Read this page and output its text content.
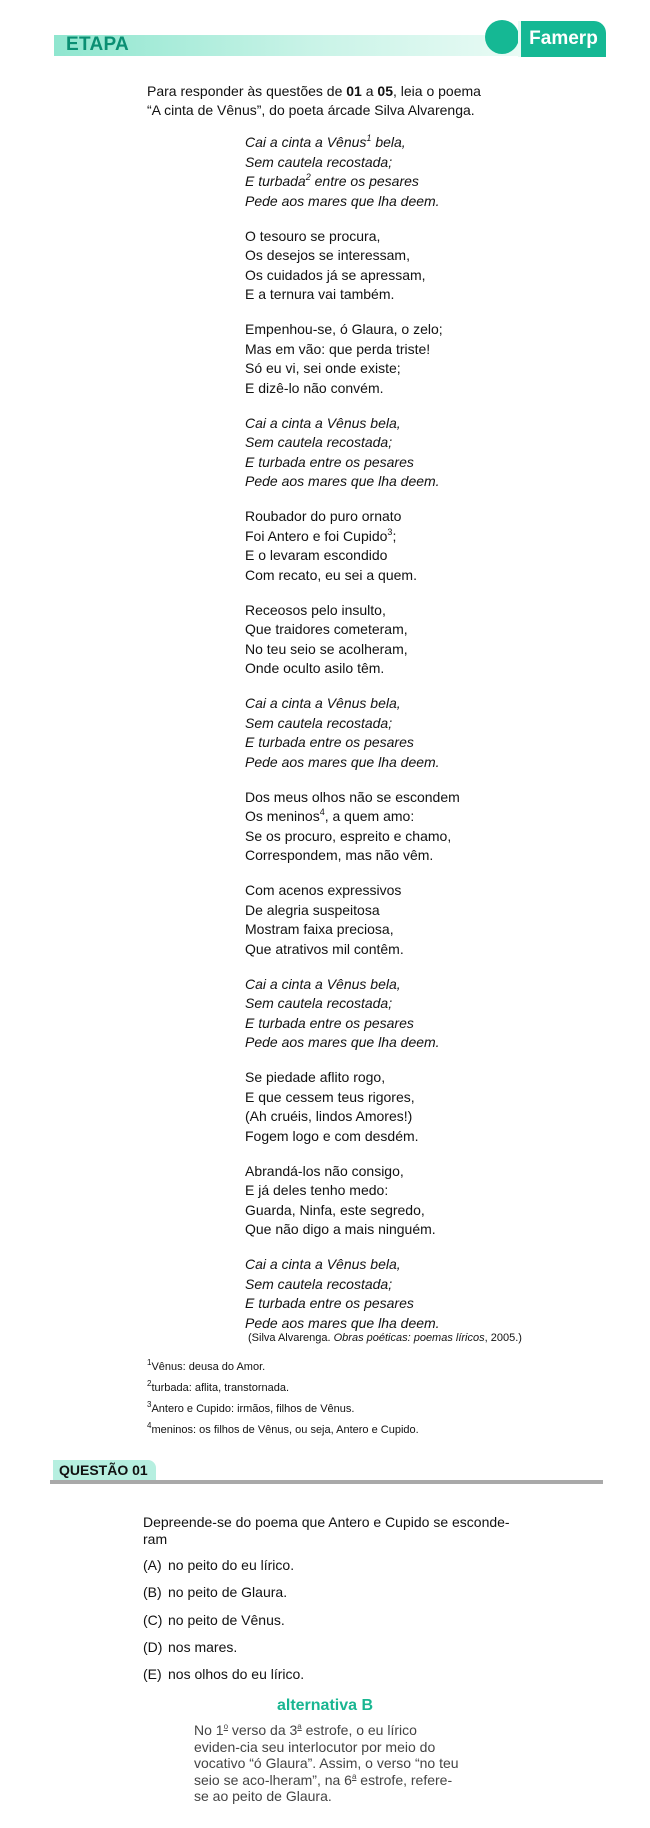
ETAPA	Famerp
Para responder às questões de 01 a 05, leia o poema “A cinta de Vênus”, do poeta árcade Silva Alvarenga.
Cai a cinta a Vênus$^1$ bela,
Sem cautela recostada;
E turbada$^2$ entre os pesares
Pede aos mares que lha deem.
O tesouro se procura,
Os desejos se interessam,
Os cuidados já se apressam,
E a ternura vai também.
Empenhou-se, ó Glaura, o zelo;
Mas em vão: que perda triste!
Só eu vi, sei onde existe;
E dizê-lo não convém.
Cai a cinta a Vênus bela,
Sem cautela recostada;
E turbada entre os pesares
Pede aos mares que lha deem.
Roubador do puro ornato
Foi Antero e foi Cupido$^3$;
E o levaram escondido
Com recato, eu sei a quem.
Receosos pelo insulto,
Que traidores cometeram,
No teu seio se acolheram,
Onde oculto asilo têm.
Cai a cinta a Vênus bela,
Sem cautela recostada;
E turbada entre os pesares
Pede aos mares que lha deem.
Dos meus olhos não se escondem
Os meninos$^4$, a quem amo:
Se os procuro, espreito e chamo,
Correspondem, mas não vêm.
Com acenos expressivos
De alegria suspeitosa
Mostram faixa preciosa,
Que atrativos mil contêm.
Cai a cinta a Vênus bela,
Sem cautela recostada;
E turbada entre os pesares
Pede aos mares que lha deem.
Se piedade aflito rogo,
E que cessem teus rigores,
(Ah cruéis, lindos Amores!)
Fogem logo e com desdém.
Abrandá-los não consigo,
E já deles tenho medo:
Guarda, Ninfa, este segredo,
Que não digo a mais ninguém.
Cai a cinta a Vênus bela,
Sem cautela recostada;
E turbada entre os pesares
Pede aos mares que lha deem.
(Silva Alvarenga. Obras poéticas: poemas líricos, 2005.)
$^1$Vênus: deusa do Amor.
$^2$turbada: aflita, transtornada.
$^3$Antero e Cupido: irmãos, filhos de Vênus.
$^4$meninos: os filhos de Vênus, ou seja, Antero e Cupido.
QUESTÃO 01
Depreende-se do poema que Antero e Cupido se esconde-ram
(A) no peito do eu lírico.
(B) no peito de Glaura.
(C) no peito de Vênus.
(D) nos mares.
(E) nos olhos do eu lírico.
alternativa B
No 1$^o$ verso da 3$^a$ estrofe, o eu lírico eviden-cia seu interlocutor por meio do vocativo “ó Glaura”. Assim, o verso “no teu seio se aco-lheram”, na 6$^a$ estrofe, refere-se ao peito de Glaura.
